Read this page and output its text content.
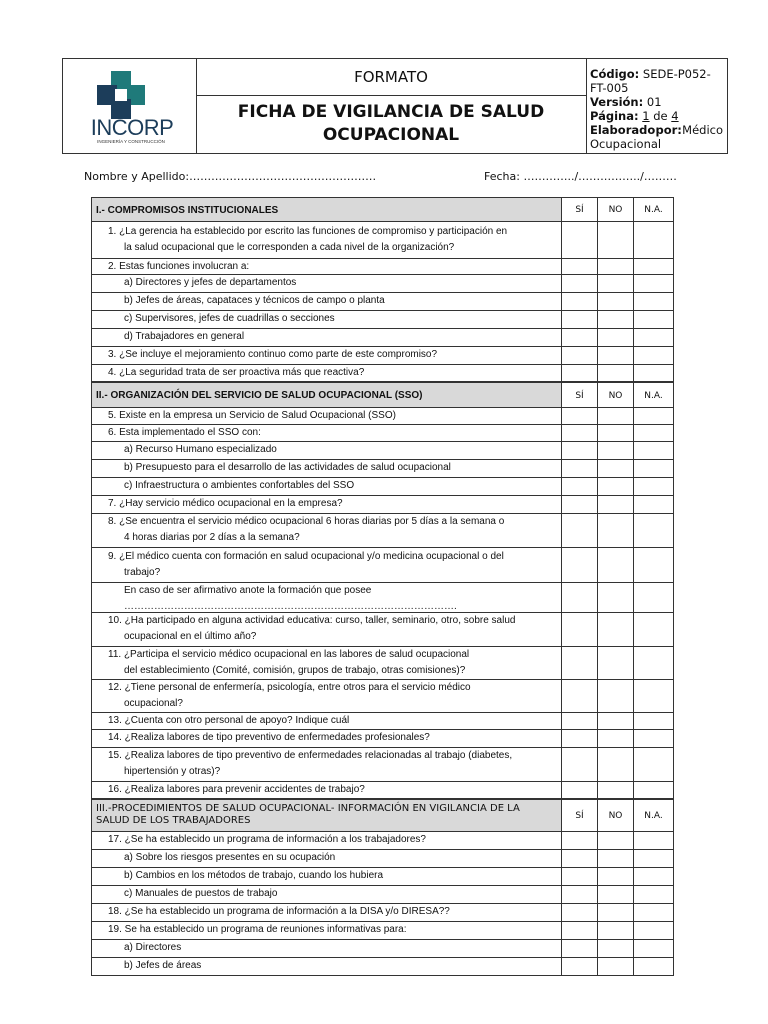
INCORP
INGENIERÍA Y CONSTRUCCIÓN
FORMATO
FICHA DE VIGILANCIA DE SALUD
OCUPACIONAL
Código: SEDE-P052-FT-005
Versión: 01
Página: 1 de 4
Elaborado por: Médico
Ocupacional
Nombre y Apellido:……………………………………………	Fecha: …………../……………../………
I.- COMPROMISOS INSTITUCIONALES	SÍ	NO	N.A.
1. ¿La gerencia ha establecido por escrito las funciones de compromiso y participación en
la salud ocupacional que le corresponden a cada nivel de la organización?
2. Estas funciones involucran a:
a) Directores y jefes de departamentos
b) Jefes de áreas, capataces y técnicos de campo o planta
c) Supervisores, jefes de cuadrillas o secciones
d) Trabajadores en general
3. ¿Se incluye el mejoramiento continuo como parte de este compromiso?
4. ¿La seguridad trata de ser proactiva más que reactiva?
II.- ORGANIZACIÓN DEL SERVICIO DE SALUD OCUPACIONAL (SSO)	SÍ	NO	N.A.
5. Existe en la empresa un Servicio de Salud Ocupacional (SSO)
6. Esta implementado el SSO con:
a) Recurso Humano especializado
b) Presupuesto para el desarrollo de las actividades de salud ocupacional
c) Infraestructura o ambientes confortables del SSO
7. ¿Hay servicio médico ocupacional en la empresa?
8. ¿Se encuentra el servicio médico ocupacional 6 horas diarias por 5 días a la semana o
4 horas diarias por 2 días a la semana?
9. ¿El médico cuenta con formación en salud ocupacional y/o medicina ocupacional o del
trabajo?
En caso de ser afirmativo anote la formación que posee
……………………………………………………………………………………….
10. ¿Ha participado en alguna actividad educativa: curso, taller, seminario, otro, sobre salud
ocupacional en el último año?
11. ¿Participa el servicio médico ocupacional en las labores de salud ocupacional
del establecimiento (Comité, comisión, grupos de trabajo, otras comisiones)?
12. ¿Tiene personal de enfermería, psicología, entre otros para el servicio médico
ocupacional?
13. ¿Cuenta con otro personal de apoyo? Indique cuál
14. ¿Realiza labores de tipo preventivo de enfermedades profesionales?
15. ¿Realiza labores de tipo preventivo de enfermedades relacionadas al trabajo (diabetes,
hipertensión y otras)?
16. ¿Realiza labores para prevenir accidentes de trabajo?
III.-PROCEDIMIENTOS DE SALUD OCUPACIONAL- INFORMACIÓN EN VIGILANCIA DE LA
SALUD DE LOS TRABAJADORES	SÍ	NO	N.A.
17. ¿Se ha establecido un programa de información a los trabajadores?
a) Sobre los riesgos presentes en su ocupación
b) Cambios en los métodos de trabajo, cuando los hubiera
c) Manuales de puestos de trabajo
18. ¿Se ha establecido un programa de información a la DISA y/o DIRESA??
19. Se ha establecido un programa de reuniones informativas para:
a) Directores
b) Jefes de áreas
